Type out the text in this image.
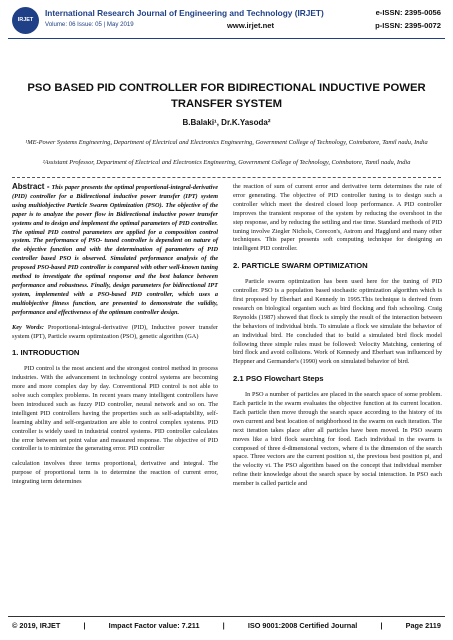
IRJET
International Research Journal of Engineering and Technology (IRJET)	e-ISSN: 2395-0056
Volume: 06 Issue: 05 | May 2019	www.irjet.net	p-ISSN: 2395-0072
PSO BASED PID CONTROLLER FOR BIDIRECTIONAL INDUCTIVE POWER TRANSFER SYSTEM
B.Balaki¹, Dr.K.Yasoda²
¹ME-Power Systems Engineering, Department of Electrical and Electronics Engineering, Government College of Technology, Coimbatore, Tamil nadu, India
²Assistant Professor, Department of Electrical and Electronics Engineering, Government College of Technology, Coimbatore, Tamil nadu, India

Abstract - This paper presents the optimal proportional-integral-derivative (PID) controller for a Bidirectional inductive power transfer (IPT) system using multiobjective Particle Swarm Optimization (PSO). The objective of the paper is to analyze the power flow in Bidirectional inductive power transfer systems and to design and implement the optimal parameters of PID controller. The optimal PID control parameters are applied for a composition control system. The performance of PSO- tuned controller is dependent on nature of the objective function and with the determination of parameters of PID controller based PSO is observed. Simulated performance analysis of the proposed PSO-based PID controller is compared with other well-known tuning method to investigate the optimal response and the best balance between performance and robustness. Finally, design parameters for bidirectional IPT system, implemented with a PSO-based PID controller, which uses a multiobjective fitness function, are presented to demonstrate the validity, performance and effectiveness of the optimum controller design.

Key Words: Proportional-integral-derivative (PID), Inductive power transfer system (IPT), Particle swarm optimization (PSO), genetic algorithm (GA)

1. INTRODUCTION

PID control is the most ancient and the strongest control method in process industries. With the advancement in technology control systems are becoming more and more complex day by day. Conventional PID control is not able to solve such complex problems. In recent years many intelligent controllers have been introduced such as fuzzy PID controller, neural network and so on. The intelligent PID controllers having the properties such as self-adaptability, self-learning ability and self-organization are able to control complex systems. PID controller is widely used in industrial control systems. PID controller calculates the error between set point value and measured response. The objective of PID controller is to minimize the generating error. PID controller

calculation involves three terms proportional, derivative and integral. The purpose of proportional term is to determine the reaction of current error, integrating term determines

the reaction of sum of current error and derivative term determines the rate of error generating. The objective of PID controller tuning is to design such a controller which meet the desired closed loop performance. A PID controller improves the transient response of the system by reducing the overshoot in the step response, and by reducing the settling and rise time. Standard methods of PID tuning involve Ziegler Nichols, Corecon's, Astrom and Hagglund and many other techniques. This paper presents soft computing technique for designing an intelligent PID controller.

2. PARTICLE SWARM OPTIMIZATION

Particle swarm optimization has been used here for the tuning of PID controller. PSO is a population based stochastic optimization algorithm which is first proposed by Eberhart and Kennedy in 1995.This technique is derived from research on biological organism such as bird flocking and fish schooling. Craig Reynolds (1987) showed that flock is simply the result of the interaction between the behaviors of individual birds. To simulate a flock we simulate the behavior of an individual bird. He concluded that to build a simulated bird flock model following three simple rules must be followed: Velocity Matching, centering of bird flock and avoid collisions. Work of Kennedy and Eberhart was influenced by Heppner and Germander's (1990) work on simulated behavior of bird.

2.1 PSO Flowchart Steps

In PSO a number of particles are placed in the search space of some problem. Each particle in the swarm evaluates the objective function at its current location. Each particle then move through the search space according to the history of its own current and best location of neighborhood in the swarm on each iteration. The next iteration takes place after all particles have been moved. In PSO swarm moves like a bird flock searching for food. Each individual in the swarm is composed of three d-dimensional vectors, where d is the dimension of the search space. Three vectors are the current position xi, the previous best position pi, and the velocity vi. The PSO algorithm based on the concept that individual member refine their knowledge about the search space by social interaction. In PSO each member is called particle and

© 2019, IRJET	|	Impact Factor value: 7.211	|	ISO 9001:2008 Certified Journal	|	Page 2119
